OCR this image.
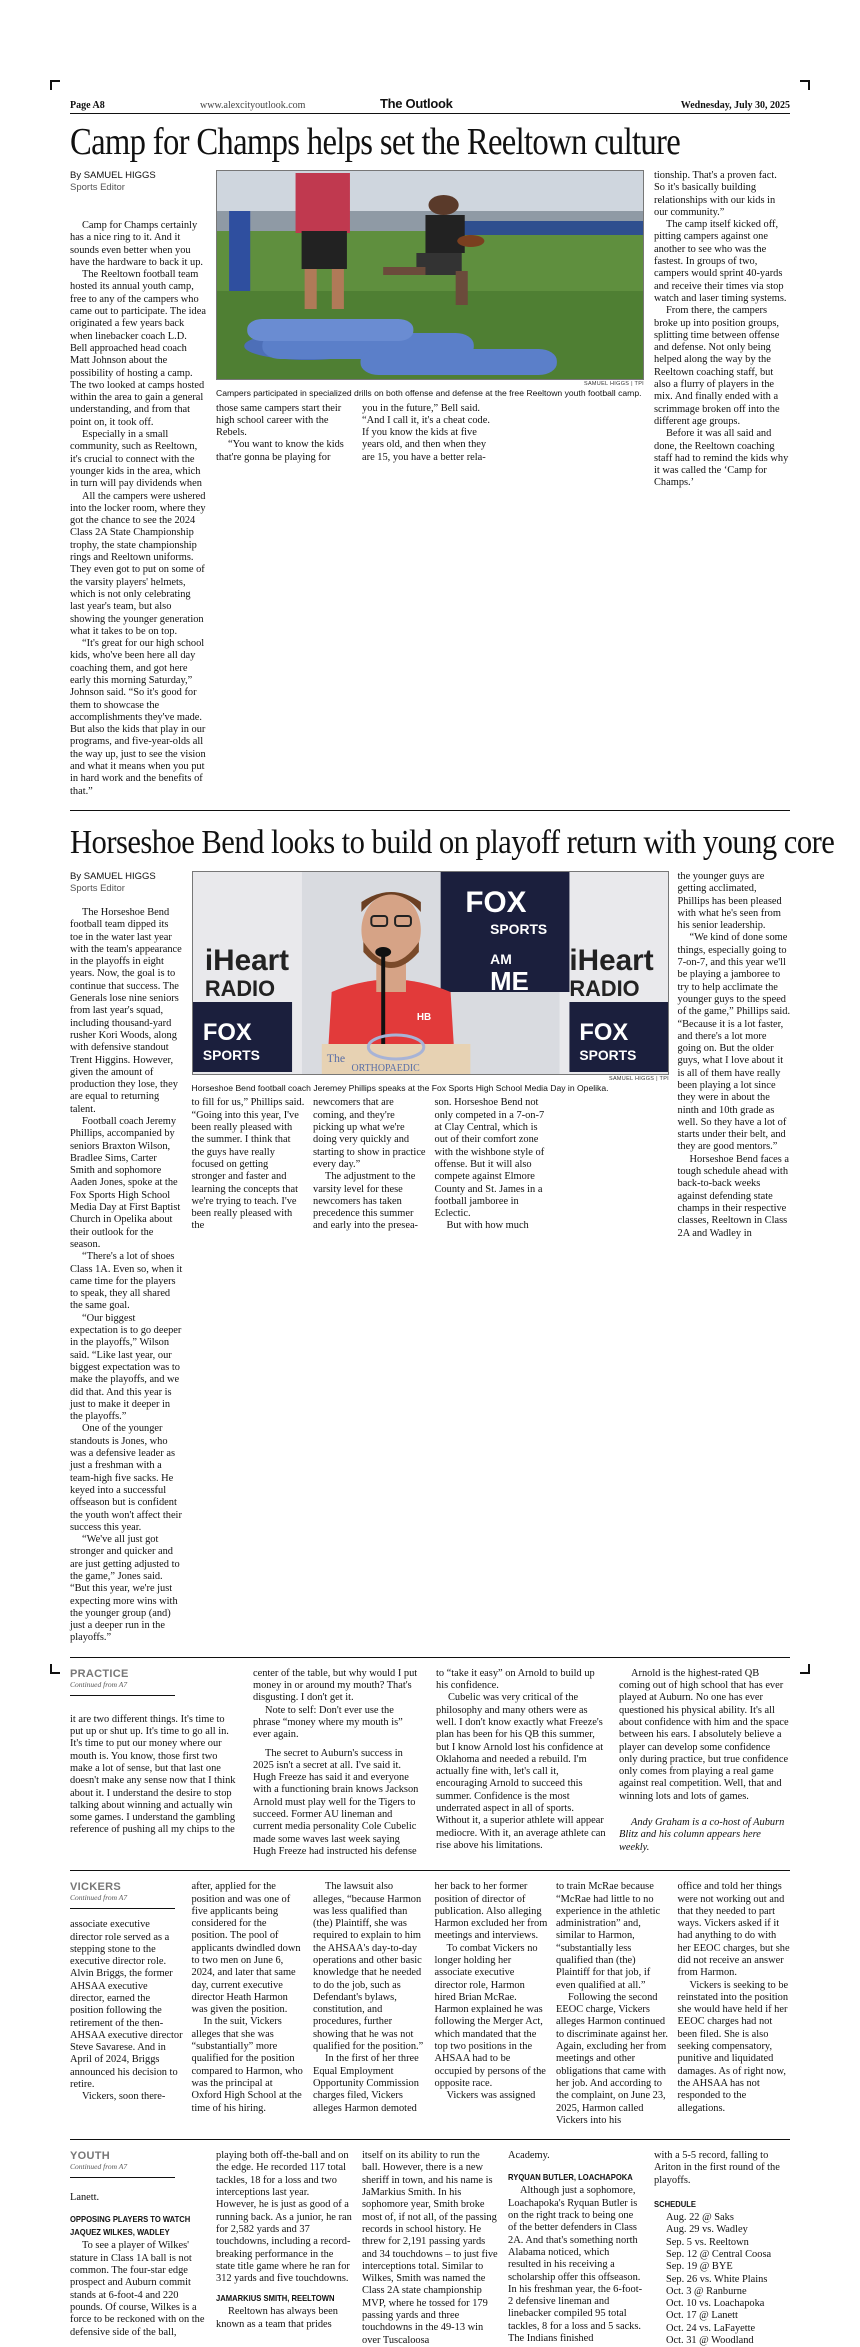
Page A8	www.alexcityoutlook.com	The Outlook	Wednesday, July 30, 2025
Camp for Champs helps set the Reeltown culture
By SAMUEL HIGGS
Sports Editor

Camp for Champs certainly has a nice ring to it. And it sounds even better when you have the hardware to back it up.

The Reeltown football team hosted its annual youth camp, free to any of the campers who came out to participate. The idea originated a few years back when linebacker coach L.D. Bell approached head coach Matt Johnson about the possibility of hosting a camp. The two looked at camps hosted within the area to gain a general understanding, and from that point on, it took off.

Especially in a small community, such as Reeltown, it's crucial to connect with the younger kids in the area, which in turn will pay dividends when

SAMUEL HIGGS | TPI
Campers participated in specialized drills on both offense and defense at the free Reeltown youth football camp.

those same campers start their high school career with the Rebels.

“You want to know the kids that're gonna be playing for

you in the future,” Bell said. “And I call it, it's a cheat code. If you know the kids at five years old, and then when they are 15, you have a better rela-

tionship. That's a proven fact. So it's basically building relationships with our kids in our community.”

The camp itself kicked off, pitting campers against one another to see who was the fastest. In groups of two, campers would sprint 40-yards and receive their times via stop watch and laser timing systems.

From there, the campers broke up into position groups, splitting time between offense and defense. Not only being helped along the way by the Reeltown coaching staff, but also a flurry of players in the mix. And finally ended with a scrimmage broken off into the different age groups.

Before it was all said and done, the Reeltown coaching staff had to remind the kids why it was called the ‘Camp for Champs.’

All the campers were ushered into the locker room, where they got the chance to see the 2024 Class 2A State Championship trophy, the state championship rings and Reeltown uniforms. They even got to put on some of the varsity players' helmets, which is not only celebrating last year's team, but also showing the younger generation what it takes to be on top.

“It's great for our high school kids, who've been here all day coaching them, and got here early this morning Saturday,” Johnson said. “So it's good for them to showcase the accomplishments they've made. But also the kids that play in our programs, and five-year-olds all the way up, just to see the vision and what it means when you put in hard work and the benefits of that.”

Horseshoe Bend looks to build on playoff return with young core
By SAMUEL HIGGS
Sports Editor

The Horseshoe Bend football team dipped its toe in the water last year with the team's appearance in the playoffs in eight years. Now, the goal is to continue that success. The Generals lose nine seniors from last year's squad, including thousand-yard rusher Kori Woods, along with defensive standout Trent Higgins. However, given the amount of production they lose, they are equal to returning talent.

Football coach Jeremy Phillips, accompanied by seniors Braxton Wilson, Bradlee Sims, Carter Smith and sophomore Aaden Jones, spoke at the Fox Sports High School Media Day at First Baptist Church in Opelika about their outlook for the season.

“There's a lot of shoes

iHeart
RADIO
iHeart
RADIO
FOX
SPORTS
FOX
SPORTS
FOX
SPORTS
AM
ME
HB
The
ORTHOPAEDIC
SAMUEL HIGGS | TPI
Horseshoe Bend football coach Jeremey Phillips speaks at the Fox Sports High School Media Day in Opelika.

to fill for us,” Phillips said. “Going into this year, I've been really pleased with the summer. I think that the guys have really focused on getting stronger and faster and learning the concepts that we're trying to teach. I've been really pleased with the

newcomers that are coming, and they're picking up what we're doing very quickly and starting to show in practice every day.”

The adjustment to the varsity level for these newcomers has taken precedence this summer and early into the presea-

son. Horseshoe Bend not only competed in a 7-on-7 at Clay Central, which is out of their comfort zone with the wishbone style of offense. But it will also compete against Elmore County and St. James in a football jamboree in Eclectic.

But with how much

the younger guys are getting acclimated, Phillips has been pleased with what he's seen from his senior leadership.

“We kind of done some things, especially going to 7-on-7, and this year we'll be playing a jamboree to try to help acclimate the younger guys to the speed of the game,” Phillips said. “Because it is a lot faster, and there's a lot more going on. But the older guys, what I love about it is all of them have really been playing a lot since they were in about the ninth and 10th grade as well. So they have a lot of starts under their belt, and they are good mentors.”

Horseshoe Bend faces a tough schedule ahead with back-to-back weeks against defending state champs in their respective classes, Reeltown in Class 2A and Wadley in

Class 1A. Even so, when it came time for the players to speak, they all shared the same goal.

“Our biggest expectation is to go deeper in the playoffs,” Wilson said. “Like last year, our biggest expectation was to make the playoffs, and we did that. And this year is just to make it deeper in the playoffs.”

One of the younger standouts is Jones, who was a defensive leader as just a freshman with a team-high five sacks. He keyed into a successful offseason but is confident the youth won't affect their success this year.

“We've all just got stronger and quicker and are just getting adjusted to the game,” Jones said. “But this year, we're just expecting more wins with the younger group (and) just a deeper run in the playoffs.”

PRACTICE
Continued from A7

it are two different things. It's time to put up or shut up. It's time to go all in. It's time to put our money where our mouth is. You know, those first two make a lot of sense, but that last one doesn't make any sense now that I think about it. I understand the desire to stop talking about winning and actually win some games. I understand the gambling reference of pushing all my chips to the

center of the table, but why would I put money in or around my mouth? That's disgusting. I don't get it.

Note to self: Don't ever use the phrase “money where my mouth is” ever again.

The secret to Auburn's success in 2025 isn't a secret at all. I've said it. Hugh Freeze has said it and everyone with a functioning brain knows Jackson Arnold must play well for the Tigers to succeed. Former AU lineman and current media personality Cole Cubelic made some waves last week saying Hugh Freeze had instructed his defense

to “take it easy” on Arnold to build up his confidence.

Cubelic was very critical of the philosophy and many others were as well. I don't know exactly what Freeze's plan has been for his QB this summer, but I know Arnold lost his confidence at Oklahoma and needed a rebuild. I'm actually fine with, let's call it, encouraging Arnold to succeed this summer. Confidence is the most underrated aspect in all of sports. Without it, a superior athlete will appear mediocre. With it, an average athlete can rise above his limitations.

Arnold is the highest-rated QB coming out of high school that has ever played at Auburn. No one has ever questioned his physical ability. It's all about confidence with him and the space between his ears. I absolutely believe a player can develop some confidence only during practice, but true confidence only comes from playing a real game against real competition. Well, that and winning lots and lots of games.

Andy Graham is a co-host of Auburn Blitz and his column appears here weekly.

VICKERS
Continued from A7

associate executive director role served as a stepping stone to the executive director role. Alvin Briggs, the former AHSAA executive director, earned the position following the retirement of the then-AHSAA executive director Steve Savarese. And in April of 2024, Briggs announced his decision to retire.

Vickers, soon there-

after, applied for the position and was one of five applicants being considered for the position. The pool of applicants dwindled down to two men on June 6, 2024, and later that same day, current executive director Heath Harmon was given the position.

In the suit, Vickers alleges that she was “substantially” more qualified for the position compared to Harmon, who was the principal at Oxford High School at the time of his hiring.

The lawsuit also alleges, “because Harmon was less qualified than (the) Plaintiff, she was required to explain to him the AHSAA's day-to-day operations and other basic knowledge that he needed to do the job, such as Defendant's bylaws, constitution, and procedures, further showing that he was not qualified for the position.”

In the first of her three Equal Employment Opportunity Commission charges filed, Vickers alleges Harmon demoted

her back to her former position of director of publication. Also alleging Harmon excluded her from meetings and interviews.

To combat Vickers no longer holding her associate executive director role, Harmon hired Brian McRae. Harmon explained he was following the Merger Act, which mandated that the top two positions in the AHSAA had to be occupied by persons of the opposite race.

Vickers was assigned

to train McRae because “McRae had little to no experience in the athletic administration” and, similar to Harmon, “substantially less qualified than (the) Plaintiff for that job, if even qualified at all.”

Following the second EEOC charge, Vickers alleges Harmon continued to discriminate against her. Again, excluding her from meetings and other obligations that came with her job. And according to the complaint, on June 23, 2025, Harmon called Vickers into his

office and told her things were not working out and that they needed to part ways. Vickers asked if it had anything to do with her EEOC charges, but she did not receive an answer from Harmon.

Vickers is seeking to be reinstated into the position she would have held if her EEOC charges had not been filed. She is also seeking compensatory, punitive and liquidated damages. As of right now, the AHSAA has not responded to the allegations.

YOUTH
Continued from A7

Lanett.

OPPOSING PLAYERS TO WATCH
JAQUEZ WILKES, WADLEY

To see a player of Wilkes' stature in Class 1A ball is not common. The four-star edge prospect and Auburn commit stands at 6-foot-4 and 220 pounds. Of course, Wilkes is a force to be reckoned with on the defensive side of the ball,

playing both off-the-ball and on the edge. He recorded 117 total tackles, 18 for a loss and two interceptions last year. However, he is just as good of a running back. As a junior, he ran for 2,582 yards and 37 touchdowns, including a record-breaking performance in the state title game where he ran for 312 yards and five touchdowns.

JAMARKIUS SMITH, REELTOWN

Reeltown has always been known as a team that prides

itself on its ability to run the ball. However, there is a new sheriff in town, and his name is JaMarkius Smith. In his sophomore year, Smith broke most of, if not all, of the passing records in school history. He threw for 2,191 passing yards and 34 touchdowns – to just five interceptions total. Similar to Wilkes, Smith was named the Class 2A state championship MVP, where he tossed for 179 passing yards and three touchdowns in the 49-13 win over Tuscaloosa

Academy.

RYQUAN BUTLER, LOACHAPOKA

Although just a sophomore, Loachapoka's Ryquan Butler is on the right track to being one of the better defenders in Class 2A. And that's something north Alabama noticed, which resulted in his receiving a scholarship offer this offseason. In his freshman year, the 6-foot-2 defensive lineman and linebacker compiled 95 total tackles, 8 for a loss and 5 sacks. The Indians finished

with a 5-5 record, falling to Ariton in the first round of the playoffs.

SCHEDULE
Aug. 22 @ Saks
Aug. 29 vs. Wadley
Sep. 5 vs. Reeltown
Sep. 12 @ Central Coosa
Sep. 19 @ BYE
Sep. 26 vs. White Plains
Oct. 3 @ Ranburne
Oct. 10 vs. Loachapoka
Oct. 17 @ Lanett
Oct. 24 vs. LaFayette
Oct. 31 @ Woodland
